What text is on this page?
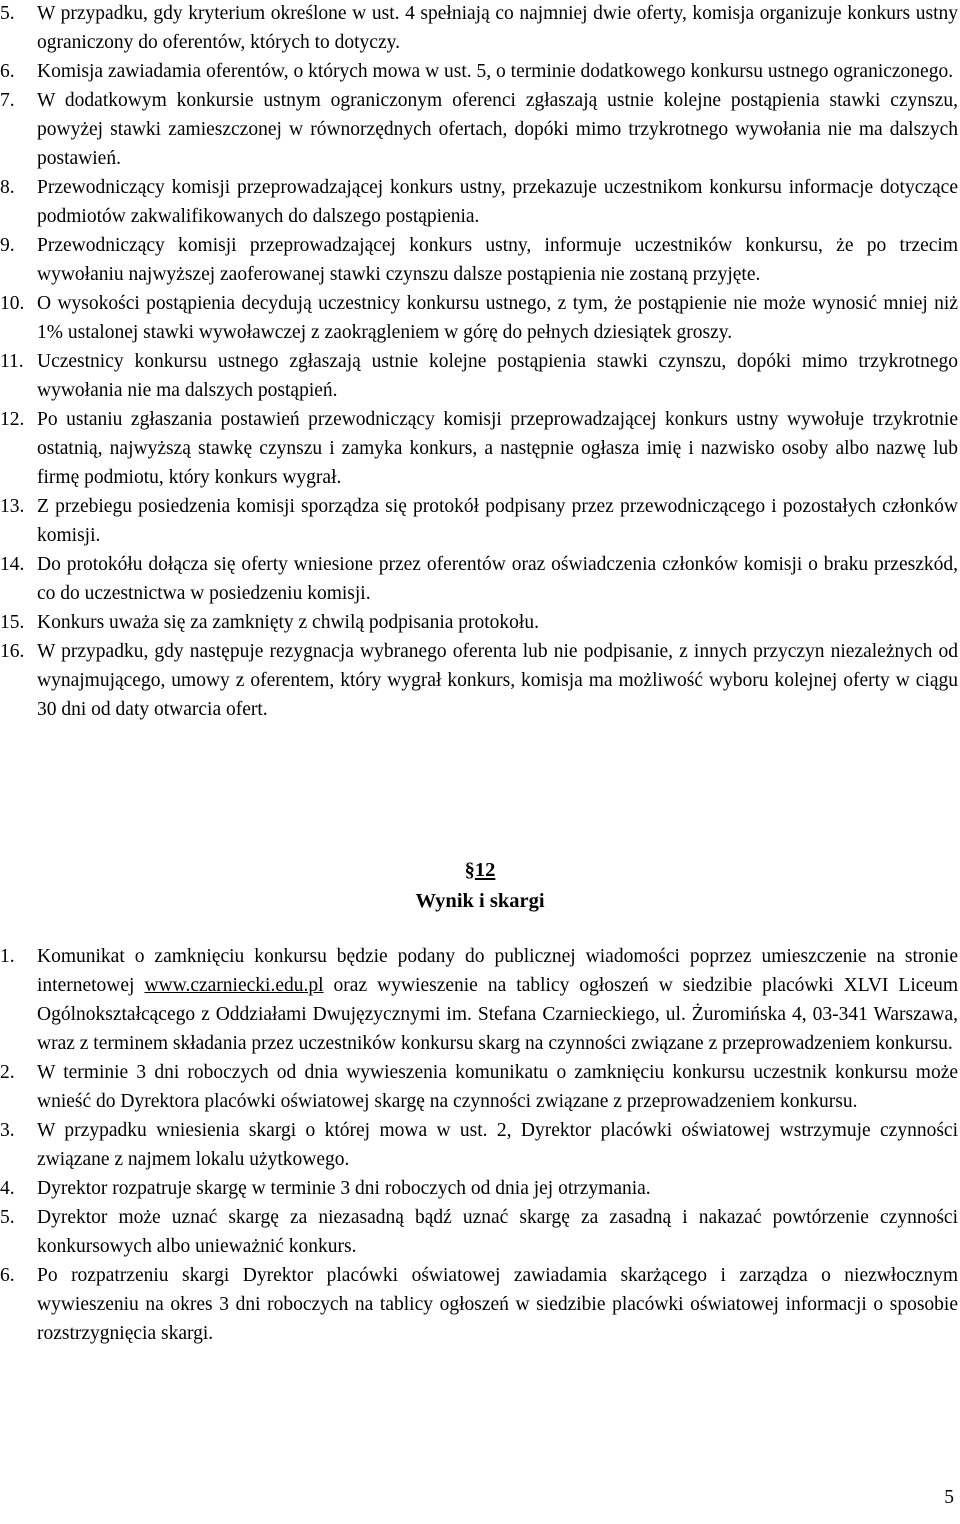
5. W przypadku, gdy kryterium określone w ust. 4 spełniają co najmniej dwie oferty, komisja organizuje konkurs ustny ograniczony do oferentów, których to dotyczy.
6. Komisja zawiadamia oferentów, o których mowa w ust. 5, o terminie dodatkowego konkursu ustnego ograniczonego.
7. W dodatkowym konkursie ustnym ograniczonym oferenci zgłaszają ustnie kolejne postąpienia stawki czynszu, powyżej stawki zamieszczonej w równorzędnych ofertach, dopóki mimo trzykrotnego wywołania nie ma dalszych postawień.
8. Przewodniczący komisji przeprowadzającej konkurs ustny, przekazuje uczestnikom konkursu informacje dotyczące podmiotów zakwalifikowanych do dalszego postąpienia.
9. Przewodniczący komisji przeprowadzającej konkurs ustny, informuje uczestników konkursu, że po trzecim wywołaniu najwyższej zaoferowanej stawki czynszu dalsze postąpienia nie zostaną przyjęte.
10. O wysokości postąpienia decydują uczestnicy konkursu ustnego, z tym, że postąpienie nie może wynosić mniej niż 1% ustalonej stawki wywoławczej z zaokrągleniem w górę do pełnych dziesiątek groszy.
11. Uczestnicy konkursu ustnego zgłaszają ustnie kolejne postąpienia stawki czynszu, dopóki mimo trzykrotnego wywołania nie ma dalszych postąpień.
12. Po ustaniu zgłaszania postawień przewodniczący komisji przeprowadzającej konkurs ustny wywołuje trzykrotnie ostatnią, najwyższą stawkę czynszu i zamyka konkurs, a następnie ogłasza imię i nazwisko osoby albo nazwę lub firmę podmiotu, który konkurs wygrał.
13. Z przebiegu posiedzenia komisji sporządza się protokół podpisany przez przewodniczącego i pozostałych członków komisji.
14. Do protokółu dołącza się oferty wniesione przez oferentów oraz oświadczenia członków komisji o braku przeszkód, co do uczestnictwa w posiedzeniu komisji.
15. Konkurs uważa się za zamknięty z chwilą podpisania protokołu.
16. W przypadku, gdy następuje rezygnacja wybranego oferenta lub nie podpisanie, z innych przyczyn niezależnych od wynajmującego, umowy z oferentem, który wygrał konkurs, komisja ma możliwość wyboru kolejnej oferty w ciągu 30 dni od daty otwarcia ofert.
§12
Wynik i skargi
1. Komunikat o zamknięciu konkursu będzie podany do publicznej wiadomości poprzez umieszczenie na stronie internetowej www.czarniecki.edu.pl oraz wywieszenie na tablicy ogłoszeń w siedzibie placówki XLVI Liceum Ogólnokształcącego z Oddziałami Dwujęzycznymi im. Stefana Czarnieckiego, ul. Żuromińska 4, 03-341 Warszawa, wraz z terminem składania przez uczestników konkursu skarg na czynności związane z przeprowadzeniem konkursu.
2. W terminie 3 dni roboczych od dnia wywieszenia komunikatu o zamknięciu konkursu uczestnik konkursu może wnieść do Dyrektora placówki oświatowej skargę na czynności związane z przeprowadzeniem konkursu.
3. W przypadku wniesienia skargi o której mowa w ust. 2, Dyrektor placówki oświatowej wstrzymuje czynności związane z najmem lokalu użytkowego.
4. Dyrektor rozpatruje skargę w terminie 3 dni roboczych od dnia jej otrzymania.
5. Dyrektor może uznać skargę za niezasadną bądź uznać skargę za zasadną i nakazać powtórzenie czynności konkursowych albo unieważnić konkurs.
6. Po rozpatrzeniu skargi Dyrektor placówki oświatowej zawiadamia skarżącego i zarządza o niezwłocznym wywieszeniu na okres 3 dni roboczych na tablicy ogłoszeń w siedzibie placówki oświatowej informacji o sposobie rozstrzygnięcia skargi.
5
